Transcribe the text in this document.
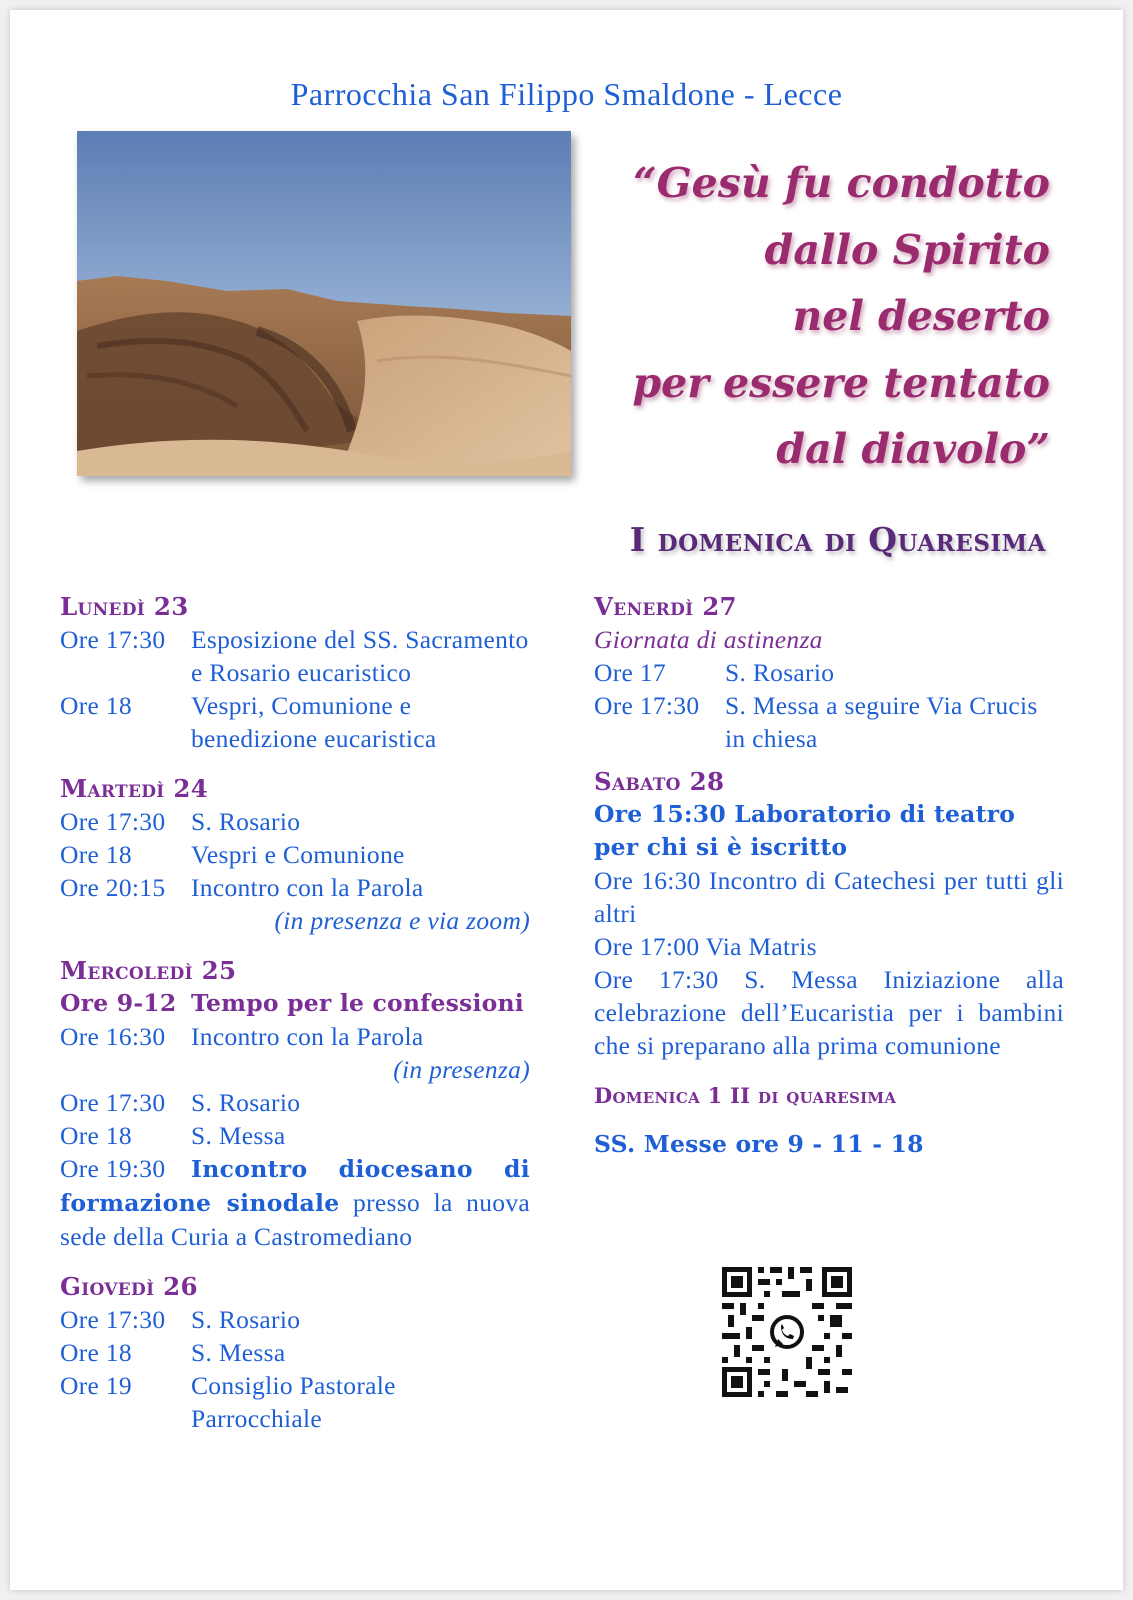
Parrocchia San Filippo Smaldone - Lecce
“Gesù fu condotto
dallo Spirito
nel deserto
per essere tentato
dal diavolo”
I domenica di Quaresima
Lunedì 23
Ore 17:30	Esposizione del SS. Sacramento e Rosario eucaristico
Ore 18	Vespri, Comunione e benedizione eucaristica
Martedì 24
Ore 17:30	S. Rosario
Ore 18	Vespri e Comunione
Ore 20:15	Incontro con la Parola
(in presenza e via zoom)
Mercoledì 25
Ore 9-12 Tempo per le confessioni
Ore 16:30	Incontro con la Parola
(in presenza)
Ore 17:30	S. Rosario
Ore 18	S. Messa
Ore 19:30 Incontro diocesano di formazione sinodale presso la nuova sede della Curia a Castromediano
Giovedì 26
Ore 17:30	S. Rosario
Ore 18	S. Messa
Ore 19	Consiglio Pastorale Parrocchiale
Venerdì 27
Giornata di astinenza
Ore 17	S. Rosario
Ore 17:30	S. Messa a seguire Via Crucis in chiesa
Sabato 28
Ore 15:30 Laboratorio di teatro per chi si è iscritto
Ore 16:30 Incontro di Catechesi per tutti gli altri
Ore 17:00 Via Matris
Ore 17:30 S. Messa Iniziazione alla celebrazione dell’Eucaristia per i bambini che si preparano alla prima comunione
Domenica 1 II di quaresima
SS. Messe ore 9 - 11 - 18
